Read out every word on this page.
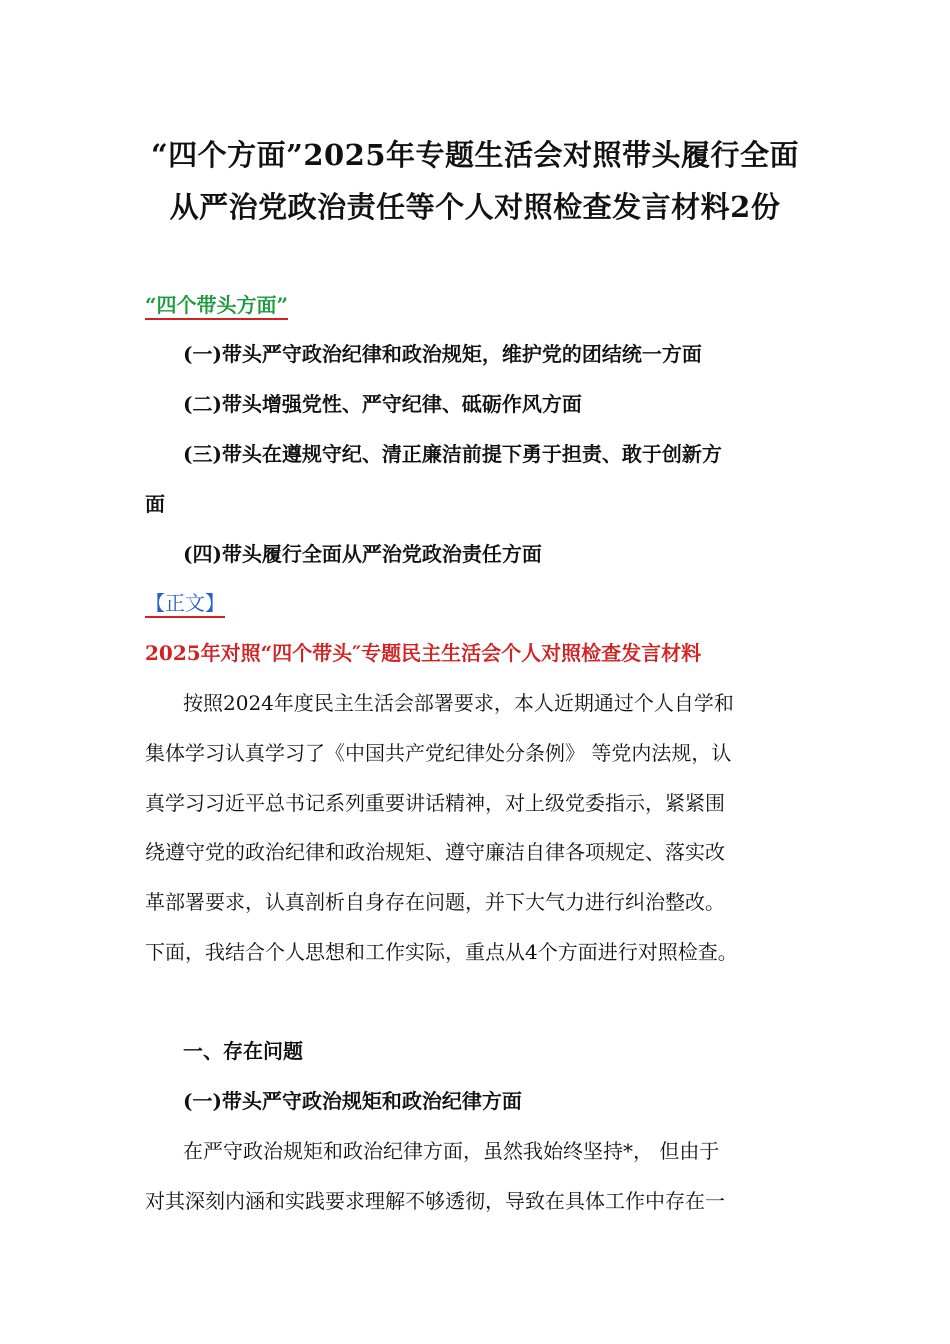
“四个方面”2025年专题生活会对照带头履行全面
从严治党政治责任等个人对照检查发言材料2份
“四个带头方面”
(一)带头严守政治纪律和政治规矩，维护党的团结统一方面
(二)带头增强党性、严守纪律、砥砺作风方面
(三)带头在遵规守纪、清正廉洁前提下勇于担责、敢于创新方
面
(四)带头履行全面从严治党政治责任方面
【正文】
2025年对照“四个带头″专题民主生活会个人对照检查发言材料
按照2024年度民主生活会部署要求，本人近期通过个人自学和
集体学习认真学习了《中国共产党纪律处分条例》 等党内法规，认
真学习习近平总书记系列重要讲话精神，对上级党委指示，紧紧围
绕遵守党的政治纪律和政治规矩、遵守廉洁自律各项规定、落实改
革部署要求，认真剖析自身存在问题，并下大气力进行纠治整改。
下面，我结合个人思想和工作实际，重点从4个方面进行对照检查。
一、存在问题
(一)带头严守政治规矩和政治纪律方面
在严守政治规矩和政治纪律方面，虽然我始终坚持*， 但由于
对其深刻内涵和实践要求理解不够透彻，导致在具体工作中存在一
